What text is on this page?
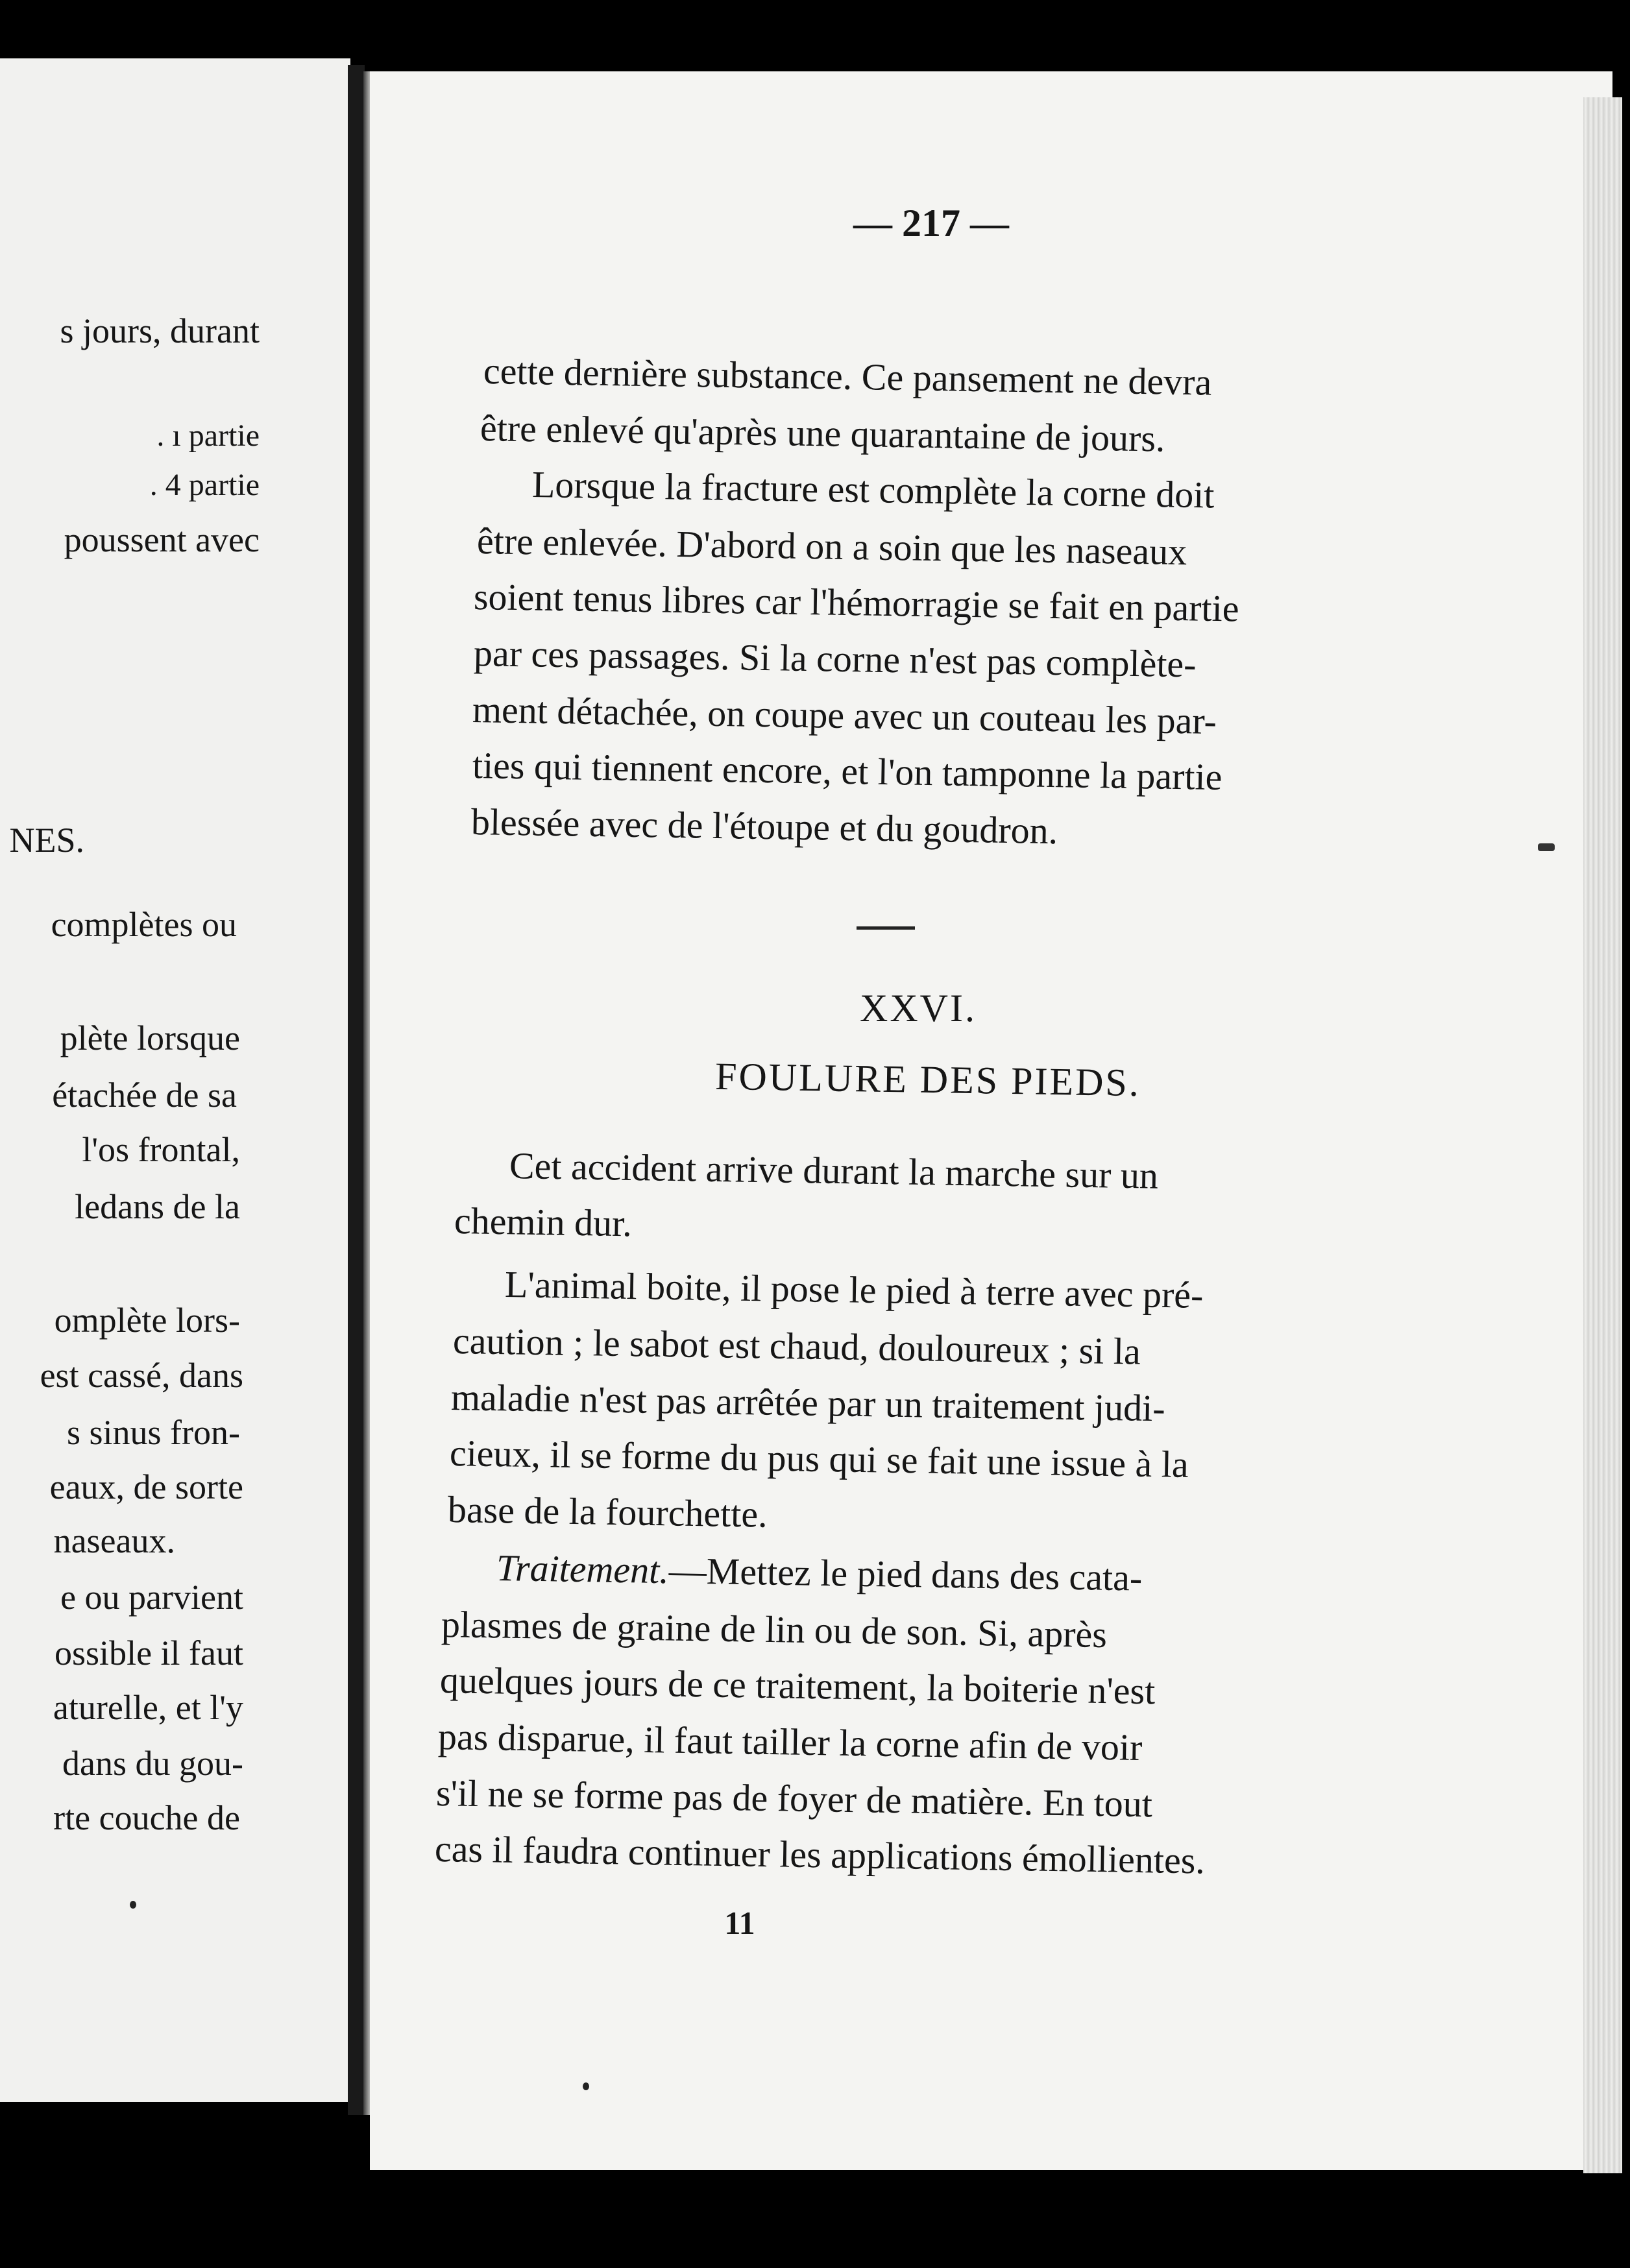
s jours, durant
. ı partie
. 4 partie
poussent avec
NES.
complètes ou
plète lorsque
étachée de sa
l'os frontal,
ledans de la
omplète lors-
est cassé, dans
s sinus fron-
eaux, de sorte
naseaux.
e ou parvient
ossible il faut
aturelle, et l'y
dans du gou-
rte couche de
— 217 —
cette dernière substance. Ce pansement ne devra
être enlevé qu'après une quarantaine de jours.
Lorsque la fracture est complète la corne doit
être enlevée. D'abord on a soin que les naseaux
soient tenus libres car l'hémorragie se fait en partie
par ces passages. Si la corne n'est pas complète-
ment détachée, on coupe avec un couteau les par-
ties qui tiennent encore, et l'on tamponne la partie
blessée avec de l'étoupe et du goudron.
XXVI.
FOULURE DES PIEDS.
Cet accident arrive durant la marche sur un
chemin dur.
L'animal boite, il pose le pied à terre avec pré-
caution ; le sabot est chaud, douloureux ; si la
maladie n'est pas arrêtée par un traitement judi-
cieux, il se forme du pus qui se fait une issue à la
base de la fourchette.
Traitement.—Mettez le pied dans des cata-
plasmes de graine de lin ou de son. Si, après
quelques jours de ce traitement, la boiterie n'est
pas disparue, il faut tailler la corne afin de voir
s'il ne se forme pas de foyer de matière. En tout
cas il faudra continuer les applications émollientes.
11
